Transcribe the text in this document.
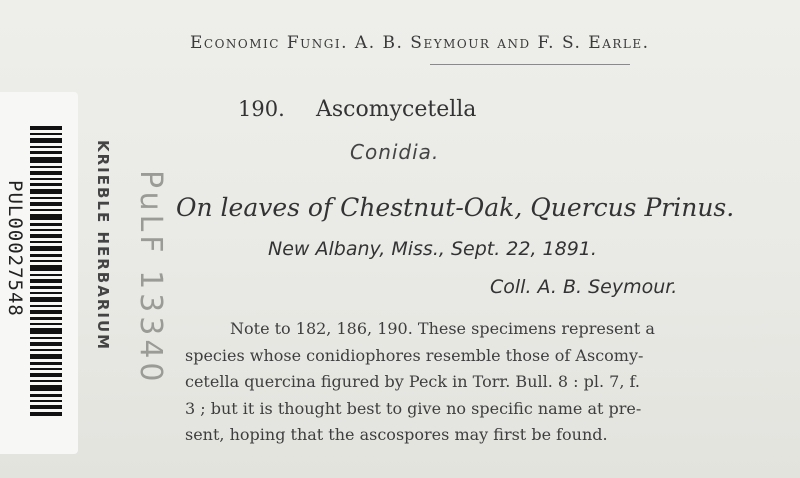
PUL00027548	KRIEBLE HERBARIUM
Economic Fungi. A. B. Seymour and F. S. Earle.
190. Ascomycetella
Conidia.
PuLF 13340 On leaves of Chestnut-Oak, Quercus Prinus.
New Albany, Miss., Sept. 22, 1891.
Coll. A. B. Seymour.
Note to 182, 186, 190. These specimens represent a
species whose conidiophores resemble those of Ascomy-
cetella quercina figured by Peck in Torr. Bull. 8 : pl. 7, f.
3 ; but it is thought best to give no specific name at pre-
sent, hoping that the ascospores may first be found.
